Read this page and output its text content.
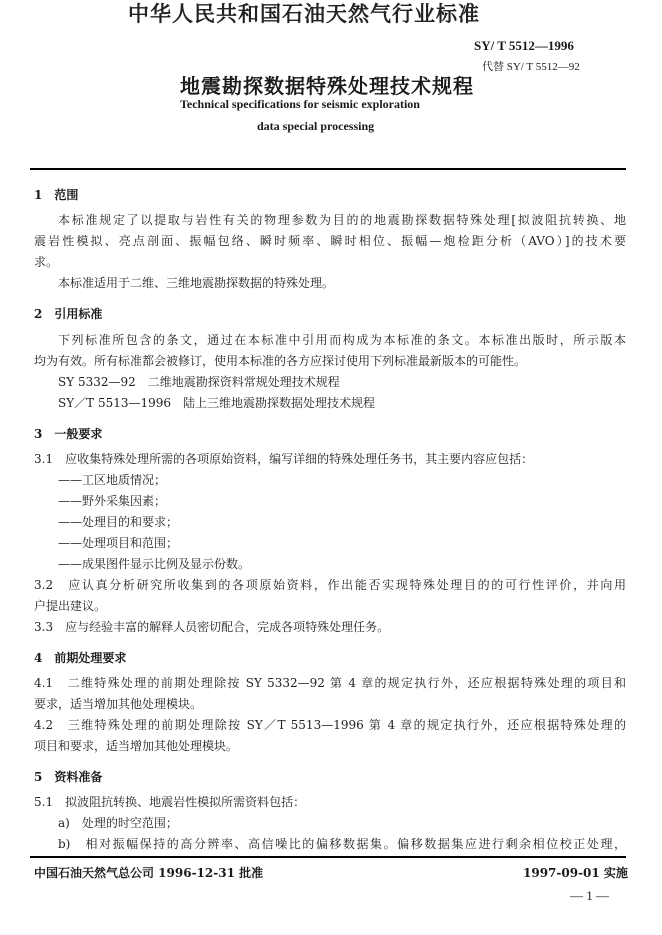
中华人民共和国石油天然气行业标准
SY/ T 5512—1996
代替 SY/ T 5512—92
地震勘探数据特殊处理技术规程
Technical specifications for seismic exploration
data special processing
1　范围
本标准规定了以提取与岩性有关的物理参数为目的的地震勘探数据特殊处理[拟波阻抗转换、地
震岩性模拟、亮点剖面、振幅包络、瞬时频率、瞬时相位、振幅—炮检距分析（AVO）]的技术要
求。
本标准适用于二维、三维地震勘探数据的特殊处理。
2　引用标准
下列标准所包含的条文，通过在本标准中引用而构成为本标准的条文。本标准出版时，所示版本
均为有效。所有标准都会被修订，使用本标准的各方应探讨使用下列标准最新版本的可能性。
SY 5332—92　二维地震勘探资料常规处理技术规程
SY／T 5513—1996　陆上三维地震勘探数据处理技术规程
3　一般要求
3.1　应收集特殊处理所需的各项原始资料，编写详细的特殊处理任务书，其主要内容应包括：
——工区地质情况；
——野外采集因素；
——处理目的和要求；
——处理项目和范围；
——成果图件显示比例及显示份数。
3.2　应认真分析研究所收集到的各项原始资料，作出能否实现特殊处理目的的可行性评价，并向用
户提出建议。
3.3　应与经验丰富的解释人员密切配合，完成各项特殊处理任务。
4　前期处理要求
4.1　二维特殊处理的前期处理除按 SY 5332—92 第 4 章的规定执行外，还应根据特殊处理的项目和
要求，适当增加其他处理模块。
4.2　三维特殊处理的前期处理除按 SY／T 5513—1996 第 4 章的规定执行外，还应根据特殊处理的
项目和要求，适当增加其他处理模块。
5　资料准备
5.1　拟波阻抗转换、地震岩性模拟所需资料包括：
a)　处理的时空范围；
b)　相对振幅保持的高分辨率、高信噪比的偏移数据集。偏移数据集应进行剩余相位校正处理，
中国石油天然气总公司 1996-12-31 批准	1997-09-01 实施
— 1 —
